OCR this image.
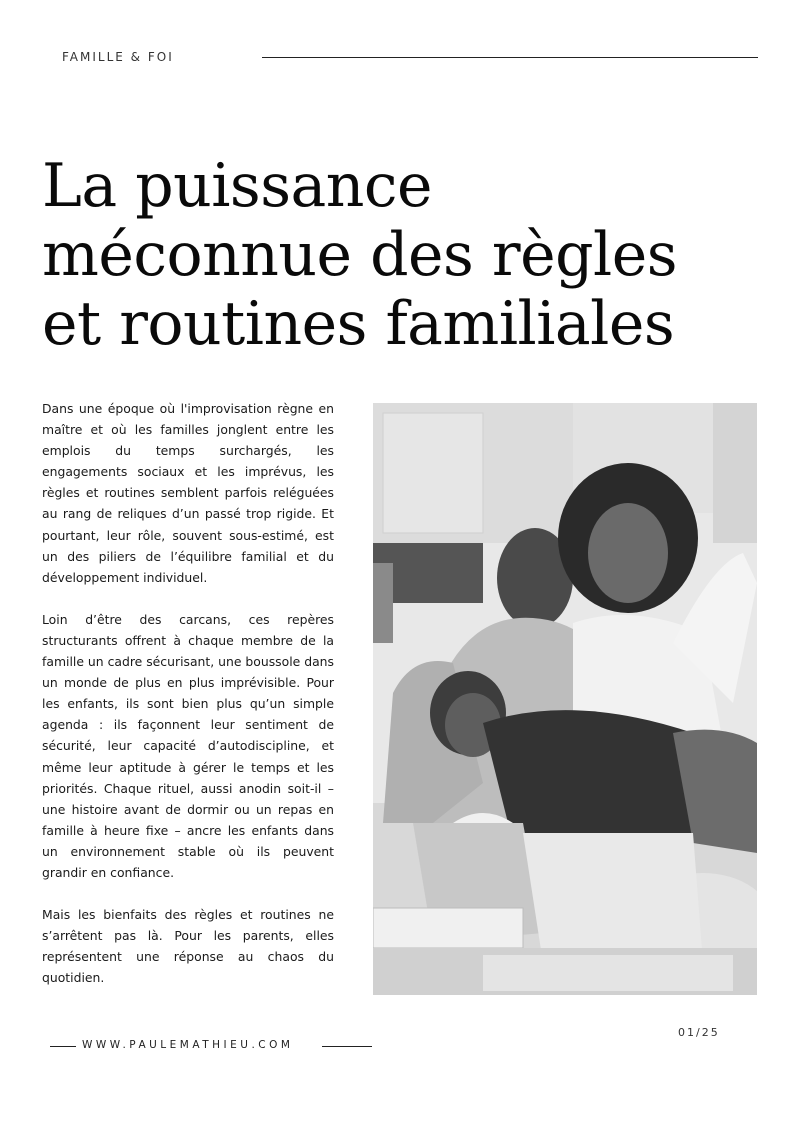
FAMILLE & FOI
La puissance
méconnue des règles
et routines familiales

Dans une époque où l'improvisation règne en maître et où les familles jonglent entre les emplois du temps surchargés, les engagements sociaux et les imprévus, les règles et routines semblent parfois reléguées au rang de reliques d’un passé trop rigide. Et pourtant, leur rôle, souvent sous-estimé, est un des piliers de l’équilibre familial et du développement individuel.

Loin d’être des carcans, ces repères structurants offrent à chaque membre de la famille un cadre sécurisant, une boussole dans un monde de plus en plus imprévisible. Pour les enfants, ils sont bien plus qu’un simple agenda : ils façonnent leur sentiment de sécurité, leur capacité d’autodiscipline, et même leur aptitude à gérer le temps et les priorités. Chaque rituel, aussi anodin soit-il – une histoire avant de dormir ou un repas en famille à heure fixe – ancre les enfants dans un environnement stable où ils peuvent grandir en confiance.

Mais les bienfaits des règles et routines ne s’arrêtent pas là. Pour les parents, elles représentent une réponse au chaos du quotidien.

01/25
WWW.PAULEMATHIEU.COM
